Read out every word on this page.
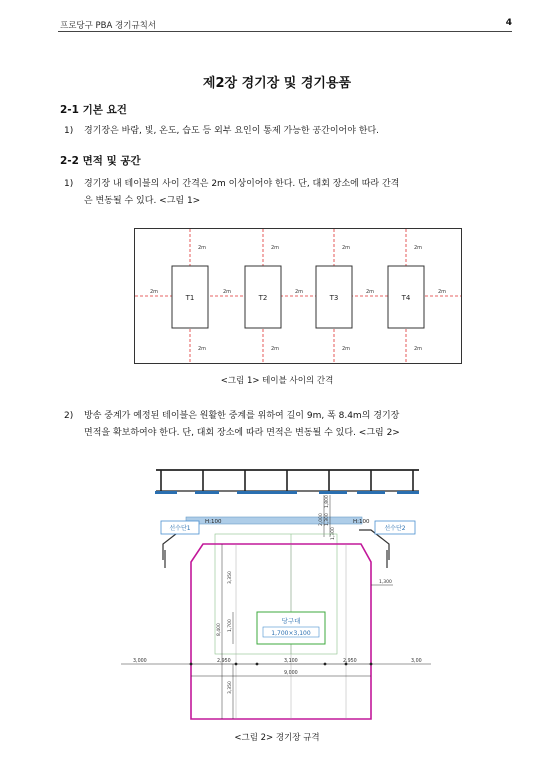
프로당구 PBA 경기규칙서	4
제2장 경기장 및 경기용품
2-1 기본 요건
1) 경기장은 바람, 빛, 온도, 습도 등 외부 요인이 통제 가능한 공간이어야 한다.
2-2 면적 및 공간
1) 경기장 내 테이블의 사이 간격은 2m 이상이어야 한다. 단, 대회 장소에 따라 간격
은 변동될 수 있다. <그림 1>
T1	T2	T3	T4
2m	2m	2m	2m
2m	2m	2m	2m
2m	2m	2m	2m	2m
<그림 1> 테이블 사이의 간격
2) 방송 중계가 예정된 테이블은 원활한 중계를 위하여 길이 9m, 폭 8.4m의 경기장
면적을 확보하여야 한다. 단, 대회 장소에 따라 면적은 변동될 수 있다. <그림 2>
선수단1	선수단2
H:100	H:100
2,000 1,300
1,800
1,300
당구대
1,700×3,100
3,350
1,700
8,400
3,350
1,300
3,000	2,950	3,100	2,950	3,00
9,000
<그림 2> 경기장 규격
